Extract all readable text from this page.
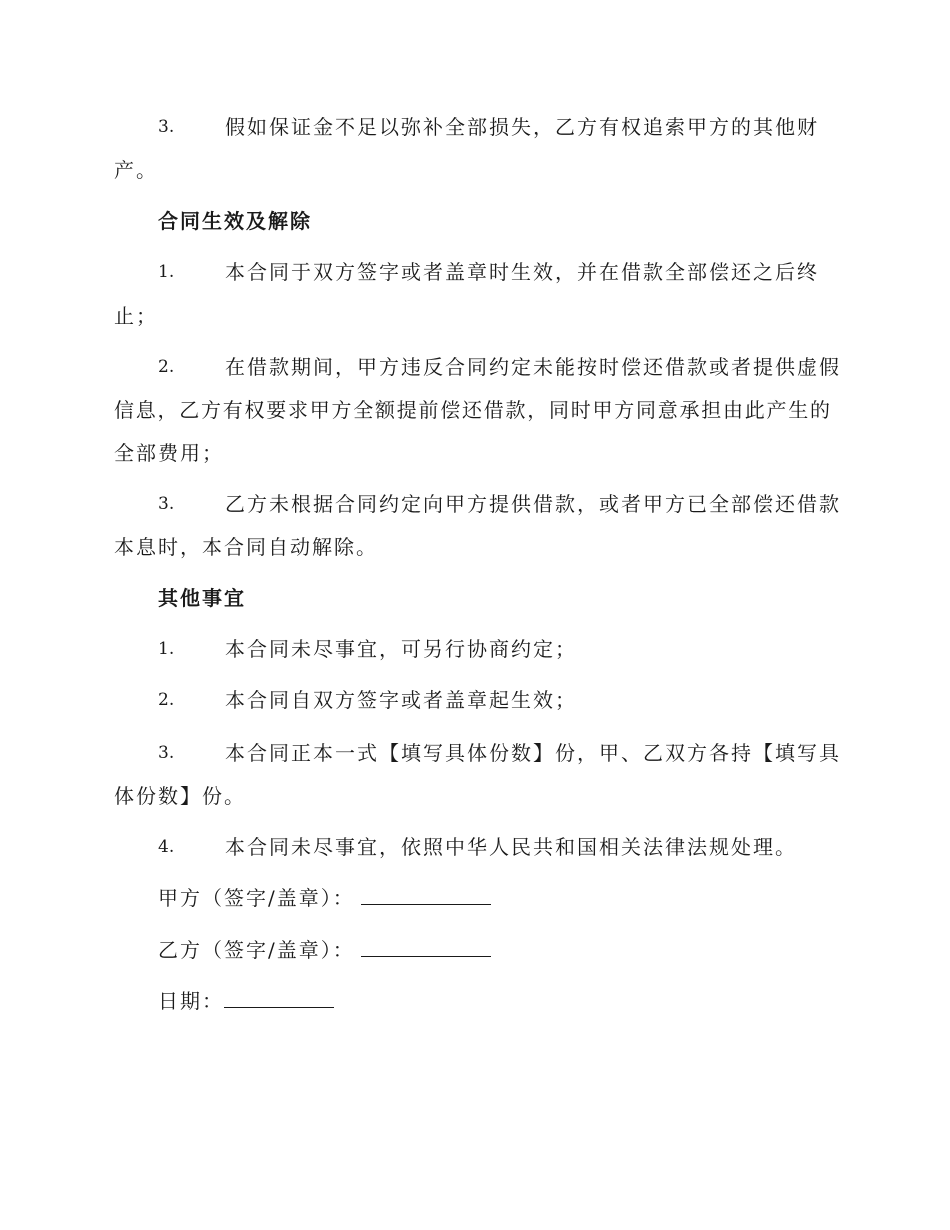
3.	假如保证金不足以弥补全部损失，乙方有权追索甲方的其他财
产。
合同生效及解除
1.	本合同于双方签字或者盖章时生效，并在借款全部偿还之后终
止；
2.	在借款期间，甲方违反合同约定未能按时偿还借款或者提供虚假
信息，乙方有权要求甲方全额提前偿还借款，同时甲方同意承担由此产生的
全部费用；
3.	乙方未根据合同约定向甲方提供借款，或者甲方已全部偿还借款
本息时，本合同自动解除。
其他事宜
1.	本合同未尽事宜，可另行协商约定；
2.	本合同自双方签字或者盖章起生效；
3.	本合同正本一式【填写具体份数】份，甲、乙双方各持【填写具
体份数】份。
4.	本合同未尽事宜，依照中华人民共和国相关法律法规处理。
甲方（签字/盖章）：
乙方（签字/盖章）：
日期：
